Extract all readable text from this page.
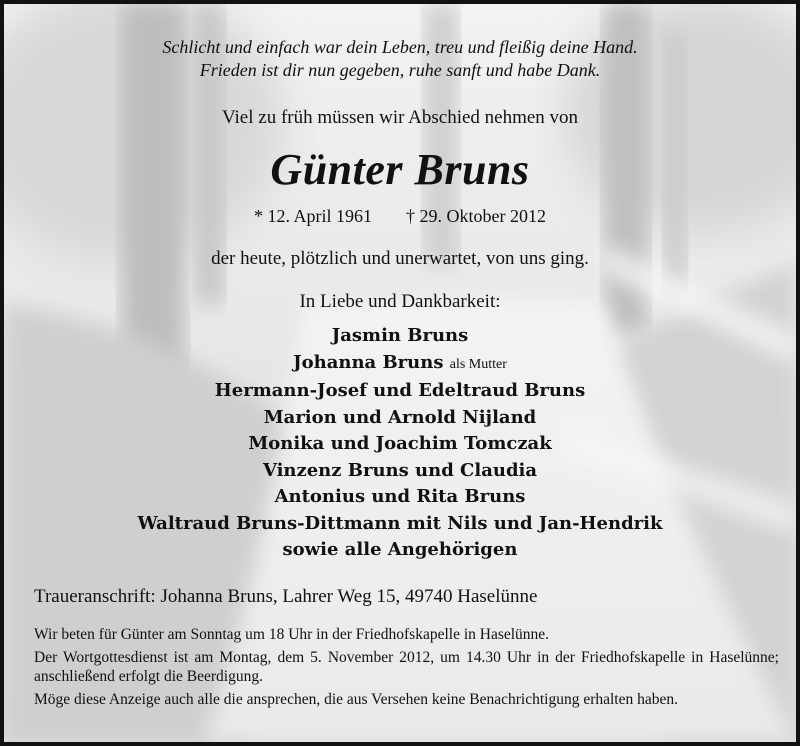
Schlicht und einfach war dein Leben, treu und fleißig deine Hand.
Frieden ist dir nun gegeben, ruhe sanft und habe Dank.
Viel zu früh müssen wir Abschied nehmen von
Günter Bruns
* 12. April 1961 † 29. Oktober 2012
der heute, plötzlich und unerwartet, von uns ging.
In Liebe und Dankbarkeit:
Jasmin Bruns
Johanna Bruns als Mutter
Hermann-Josef und Edeltraud Bruns
Marion und Arnold Nijland
Monika und Joachim Tomczak
Vinzenz Bruns und Claudia
Antonius und Rita Bruns
Waltraud Bruns-Dittmann mit Nils und Jan-Hendrik
sowie alle Angehörigen
Traueranschrift: Johanna Bruns, Lahrer Weg 15, 49740 Haselünne

Wir beten für Günter am Sonntag um 18 Uhr in der Friedhofskapelle in Haselünne.

Der Wortgottesdienst ist am Montag, dem 5. November 2012, um 14.30 Uhr in der Friedhofskapelle in Haselünne; anschließend erfolgt die Beerdigung.

Möge diese Anzeige auch alle die ansprechen, die aus Versehen keine Benachrichtigung erhalten haben.
